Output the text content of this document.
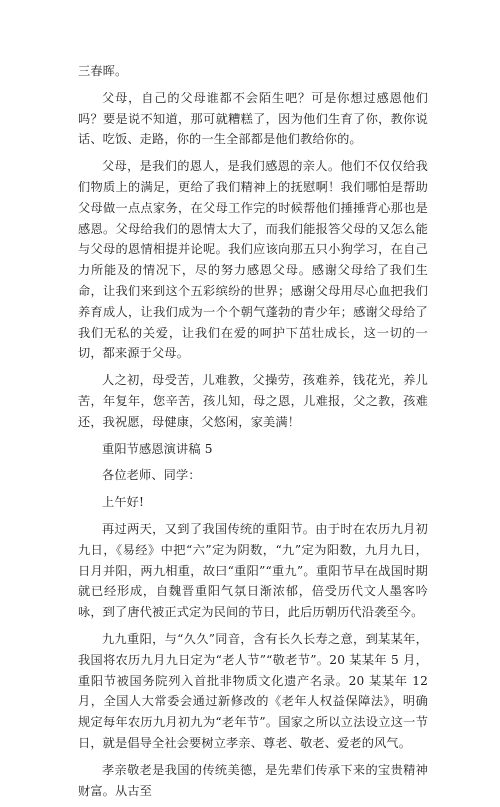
三春晖。

父母，自己的父母谁都不会陌生吧？可是你想过感恩他们吗？要是说不知道，那可就糟糕了，因为他们生育了你，教你说话、吃饭、走路，你的一生全部都是他们教给你的。

父母，是我们的恩人，是我们感恩的亲人。他们不仅仅给我们物质上的满足，更给了我们精神上的抚慰啊！我们哪怕是帮助父母做一点点家务，在父母工作完的时候帮他们捶捶背心那也是感恩。父母给我们的恩情太大了，而我们能报答父母的又怎么能与父母的恩情相提并论呢。我们应该向那五只小狗学习，在自己力所能及的情况下，尽的努力感恩父母。感谢父母给了我们生命，让我们来到这个五彩缤纷的世界；感谢父母用尽心血把我们养育成人，让我们成为一个个朝气蓬勃的青少年；感谢父母给了我们无私的关爱，让我们在爱的呵护下茁壮成长，这一切的一切，都来源于父母。

人之初，母受苦，儿难教，父操劳，孩难养，钱花光，养儿苦，年复年，您辛苦，孩儿知，母之恩，儿难报，父之教，孩难还，我祝愿，母健康，父悠闲，家美满！

重阳节感恩演讲稿 5

各位老师、同学：

上午好!

再过两天，又到了我国传统的重阳节。由于时在农历九月初九日，《易经》中把“六”定为阴数，“九”定为阳数，九月九日，日月并阳，两九相重，故曰“重阳”“重九”。重阳节早在战国时期就已经形成，自魏晋重阳气氛日渐浓郁，倍受历代文人墨客吟咏，到了唐代被正式定为民间的节日，此后历朝历代沿袭至今。

九九重阳，与“久久”同音，含有长久长寿之意，到某某年，我国将农历九月九日定为“老人节”“敬老节”。20 某某年 5 月，重阳节被国务院列入首批非物质文化遗产名录。20 某某年 12 月，全国人大常委会通过新修改的《老年人权益保障法》，明确规定每年农历九月初九为“老年节”。国家之所以立法设立这一节日，就是倡导全社会要树立孝亲、尊老、敬老、爱老的风气。

孝亲敬老是我国的传统美德，是先辈们传承下来的宝贵精神财富。从古至
